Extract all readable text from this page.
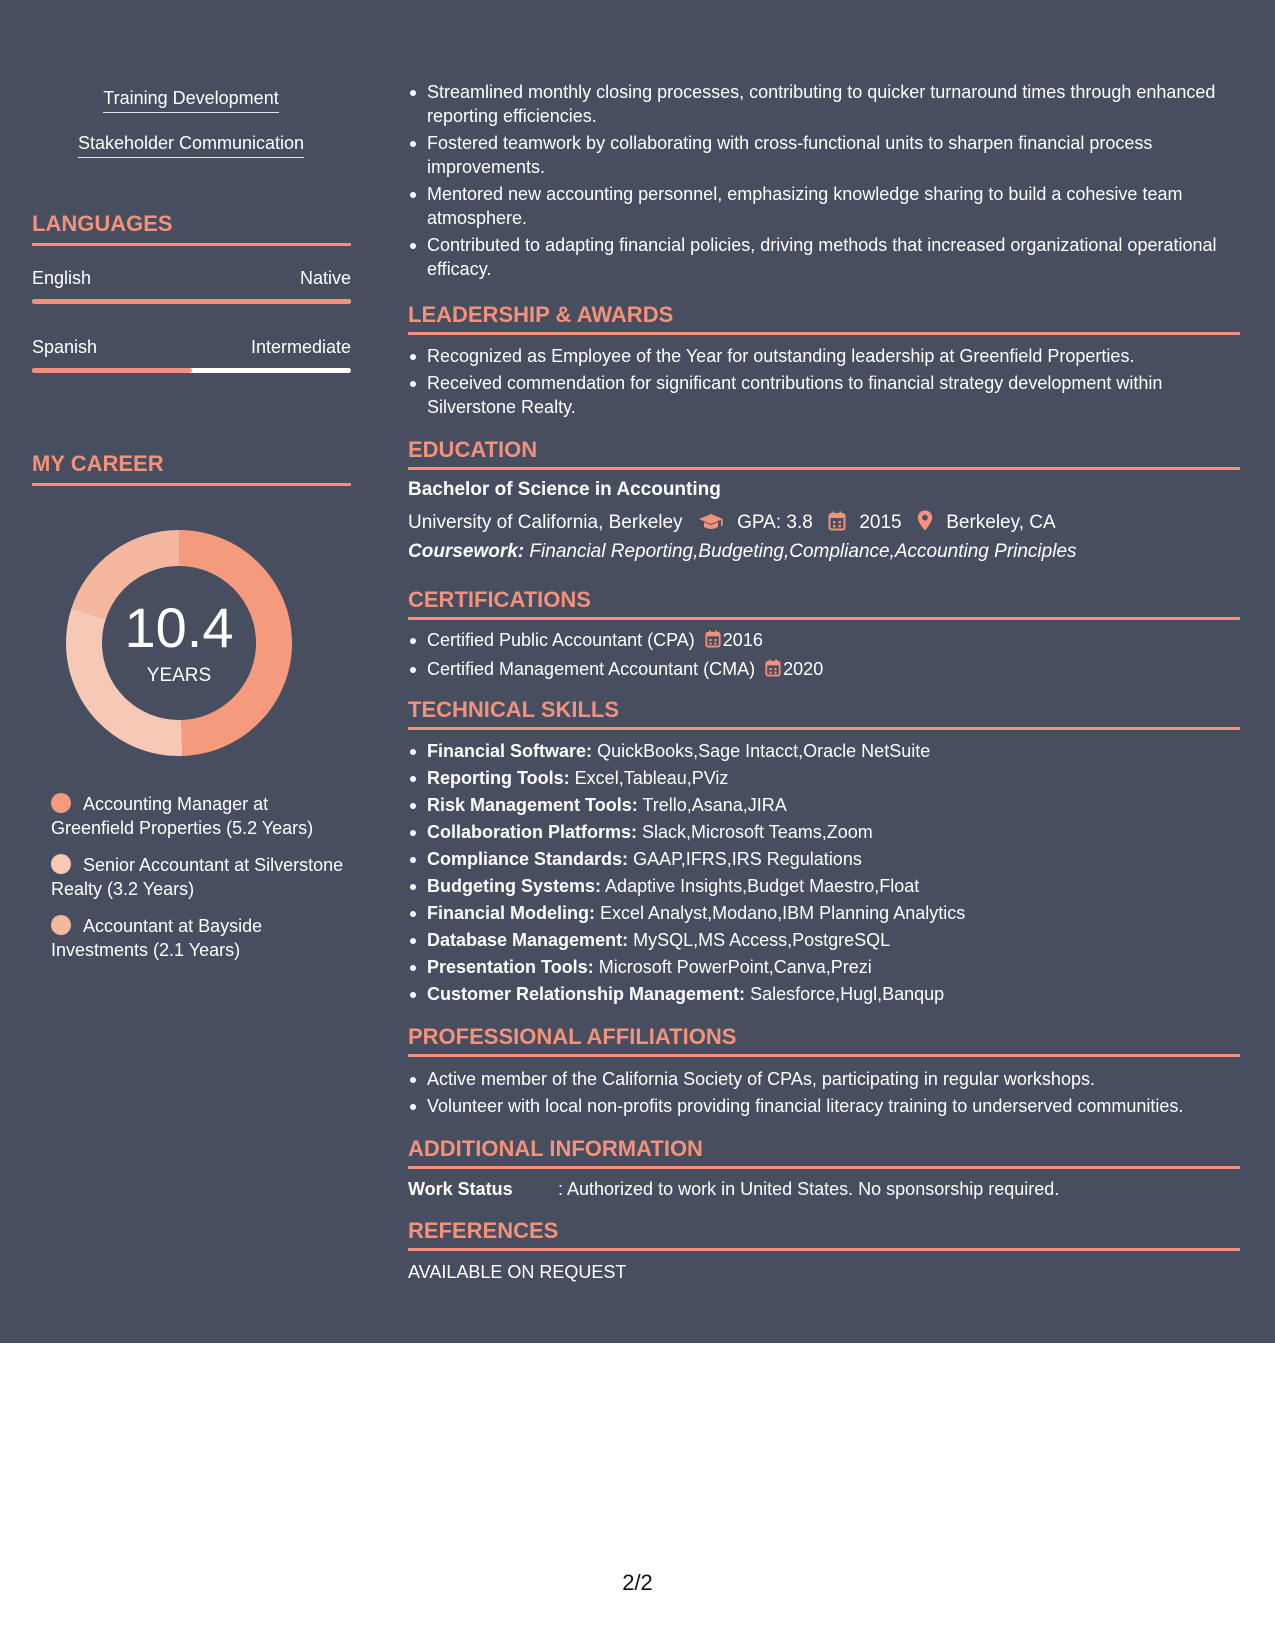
Training Development
Stakeholder Communication
LANGUAGES
English	Native
Spanish	Intermediate
MY CAREER
10.4
YEARS
Accounting Manager at Greenfield Properties (5.2 Years)
Senior Accountant at Silverstone Realty (3.2 Years)
Accountant at Bayside Investments (2.1 Years)
Streamlined monthly closing processes, contributing to quicker turnaround times through enhanced reporting efficiencies.
Fostered teamwork by collaborating with cross-functional units to sharpen financial process improvements.
Mentored new accounting personnel, emphasizing knowledge sharing to build a cohesive team atmosphere.
Contributed to adapting financial policies, driving methods that increased organizational operational efficacy.
LEADERSHIP & AWARDS
Recognized as Employee of the Year for outstanding leadership at Greenfield Properties.
Received commendation for significant contributions to financial strategy development within Silverstone Realty.
EDUCATION
Bachelor of Science in Accounting
University of California, Berkeley	GPA: 3.8 2015 Berkeley, CA
Coursework: Financial Reporting,Budgeting,Compliance,Accounting Principles
CERTIFICATIONS
Certified Public Accountant (CPA) 2016
Certified Management Accountant (CMA) 2020
TECHNICAL SKILLS
Financial Software: QuickBooks,Sage Intacct,Oracle NetSuite
Reporting Tools: Excel,Tableau,PViz
Risk Management Tools: Trello,Asana,JIRA
Collaboration Platforms: Slack,Microsoft Teams,Zoom
Compliance Standards: GAAP,IFRS,IRS Regulations
Budgeting Systems: Adaptive Insights,Budget Maestro,Float
Financial Modeling: Excel Analyst,Modano,IBM Planning Analytics
Database Management: MySQL,MS Access,PostgreSQL
Presentation Tools: Microsoft PowerPoint,Canva,Prezi
Customer Relationship Management: Salesforce,Hugl,Banqup
PROFESSIONAL AFFILIATIONS
Active member of the California Society of CPAs, participating in regular workshops.
Volunteer with local non-profits providing financial literacy training to underserved communities.
ADDITIONAL INFORMATION
Work Status	: Authorized to work in United States. No sponsorship required.
REFERENCES
AVAILABLE ON REQUEST
2/2
